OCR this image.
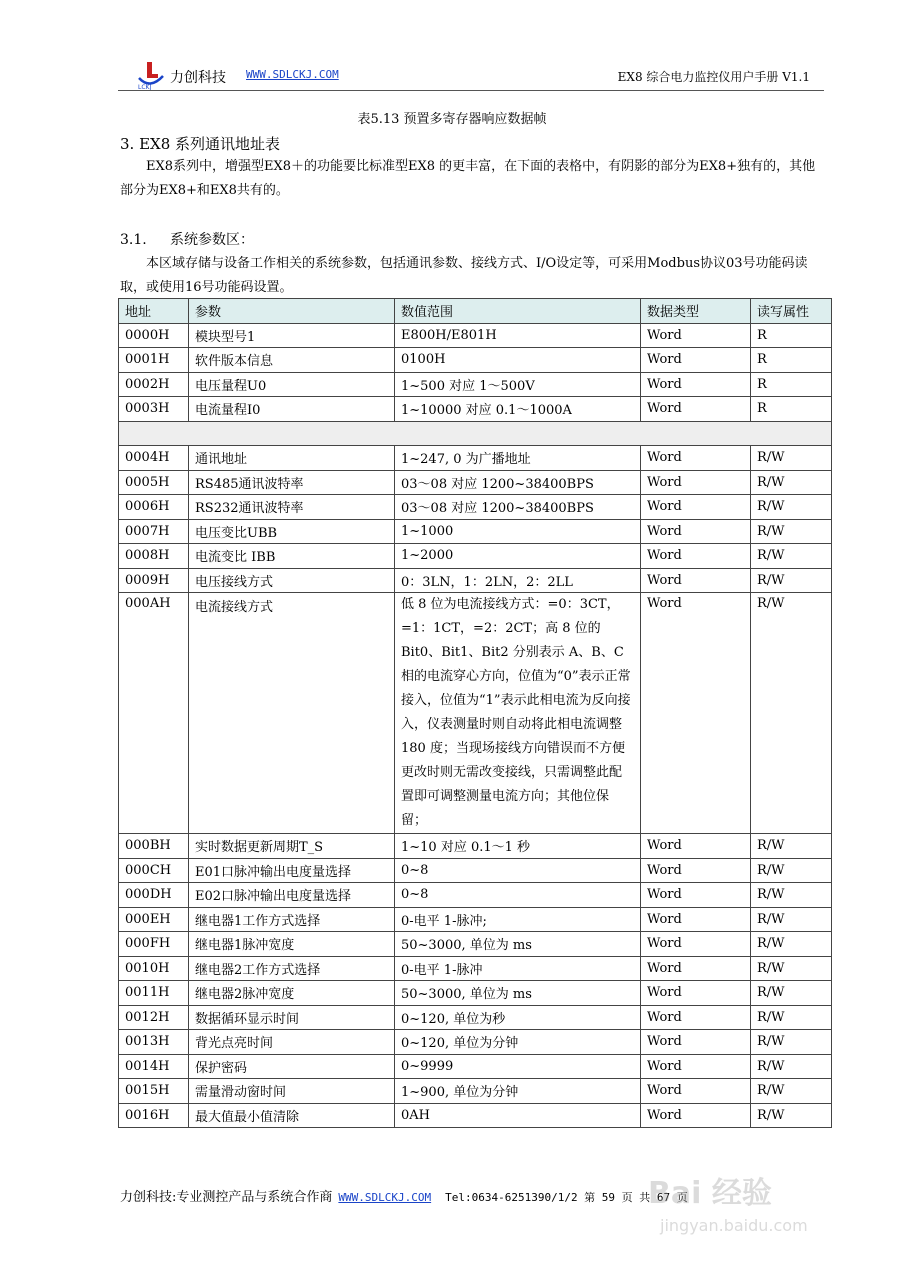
LCKJ
力创科技 WWW.SDLCKJ.COM	EX8 综合电力监控仪用户手册 V1.1
表5.13 预置多寄存器响应数据帧
3. EX8 系列通讯地址表
EX8系列中，增强型EX8＋的功能要比标准型EX8 的更丰富，在下面的表格中，有阴影的部分为EX8+独有的，其他部分为EX8+和EX8共有的。
3.1. 系统参数区：
本区域存储与设备工作相关的系统参数，包括通讯参数、接线方式、I/O设定等，可采用Modbus协议03号功能码读取，或使用16号功能码设置。
地址	参数	数值范围	数据类型	读写属性
0000H	模块型号1	E800H/E801H	Word	R
0001H	软件版本信息	0100H	Word	R
0002H	电压量程U0	1~500 对应 1～500V	Word	R
0003H	电流量程I0	1~10000 对应 0.1～1000A	Word	R

0004H	通讯地址	1~247, 0 为广播地址	Word	R/W
0005H	RS485通讯波特率	03～08 对应 1200~38400BPS	Word	R/W
0006H	RS232通讯波特率	03～08 对应 1200~38400BPS	Word	R/W
0007H	电压变比UBB	1~1000	Word	R/W
0008H	电流变比 IBB	1~2000	Word	R/W
0009H	电压接线方式	0：3LN，1：2LN，2：2LL	Word	R/W
000AH	电流接线方式	低 8 位为电流接线方式：=0：3CT，=1：1CT，=2：2CT；高 8 位的 Bit0、Bit1、Bit2 分别表示 A、B、C 相的电流穿心方向，位值为“0”表示正常接入，位值为“1”表示此相电流为反向接入，仪表测量时则自动将此相电流调整 180 度；当现场接线方向错误而不方便更改时则无需改变接线，只需调整此配置即可调整测量电流方向；其他位保留；	Word	R/W
000BH	实时数据更新周期T_S	1~10 对应 0.1～1 秒	Word	R/W
000CH	E01口脉冲输出电度量选择	0~8	Word	R/W
000DH	E02口脉冲输出电度量选择	0~8	Word	R/W
000EH	继电器1工作方式选择	0-电平 1-脉冲;	Word	R/W
000FH	继电器1脉冲宽度	50~3000, 单位为 ms	Word	R/W
0010H	继电器2工作方式选择	0-电平 1-脉冲	Word	R/W
0011H	继电器2脉冲宽度	50~3000, 单位为 ms	Word	R/W
0012H	数据循环显示时间	0~120, 单位为秒	Word	R/W
0013H	背光点亮时间	0~120, 单位为分钟	Word	R/W
0014H	保护密码	0~9999	Word	R/W
0015H	需量滑动窗时间	1~900, 单位为分钟	Word	R/W
0016H	最大值最小值清除	0AH	Word	R/W
力创科技:专业测控产品与系统合作商 WWW.SDLCKJ.COM Tel:0634-6251390/1/2 第 59 页 共 67 页
Bai 经验
jingyan.baidu.com
